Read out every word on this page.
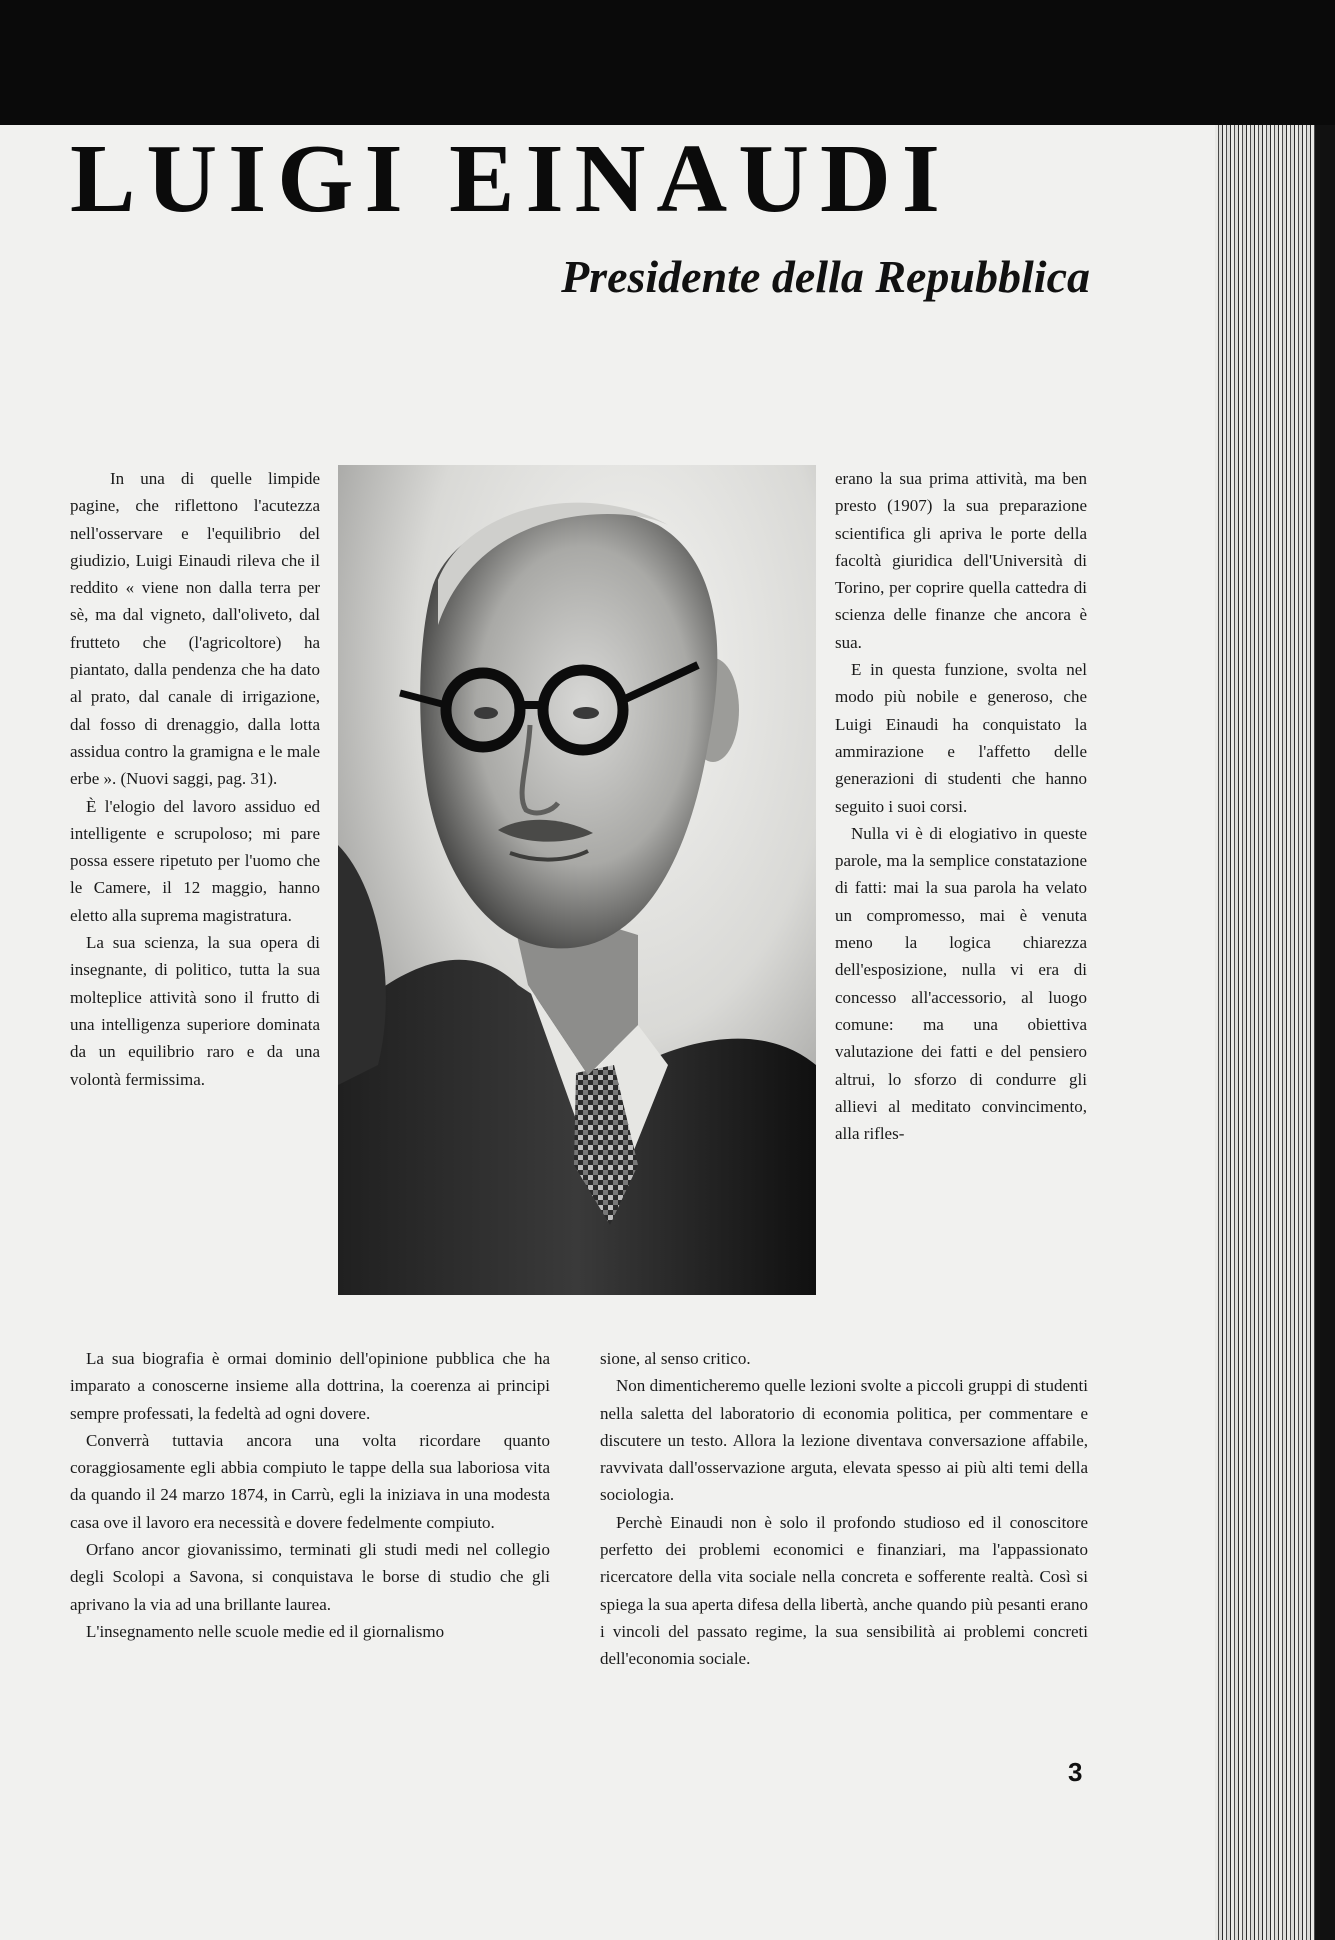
LUIGI EINAUDI
Presidente della Repubblica

In una di quelle limpide pagine, che riflettono l'acutezza nell'osservare e l'equilibrio del giudizio, Luigi Einaudi rileva che il reddito « viene non dalla terra per sè, ma dal vigneto, dall'oliveto, dal frutteto che (l'agricoltore) ha piantato, dalla pendenza che ha dato al prato, dal canale di irrigazione, dal fosso di drenaggio, dalla lotta assidua contro la gramigna e le male erbe ». (Nuovi saggi, pag. 31).

È l'elogio del lavoro assiduo ed intelligente e scrupoloso; mi pare possa essere ripetuto per l'uomo che le Camere, il 12 maggio, hanno eletto alla suprema magistratura.

La sua scienza, la sua opera di insegnante, di politico, tutta la sua molteplice attività sono il frutto di una intelligenza superiore dominata da un equilibrio raro e da una volontà fermissima.

erano la sua prima attività, ma ben presto (1907) la sua preparazione scientifica gli apriva le porte della facoltà giuridica dell'Università di Torino, per coprire quella cattedra di scienza delle finanze che ancora è sua.

E in questa funzione, svolta nel modo più nobile e generoso, che Luigi Einaudi ha conquistato la ammirazione e l'affetto delle generazioni di studenti che hanno seguito i suoi corsi.

Nulla vi è di elogiativo in queste parole, ma la semplice constatazione di fatti: mai la sua parola ha velato un compromesso, mai è venuta meno la logica chiarezza dell'esposizione, nulla vi era di concesso all'accessorio, al luogo comune: ma una obiettiva valutazione dei fatti e del pensiero altrui, lo sforzo di condurre gli allievi al meditato convincimento, alla rifles-

La sua biografia è ormai dominio dell'opinione pubblica che ha imparato a conoscerne insieme alla dottrina, la coerenza ai principi sempre professati, la fedeltà ad ogni dovere.

Converrà tuttavia ancora una volta ricordare quanto coraggiosamente egli abbia compiuto le tappe della sua laboriosa vita da quando il 24 marzo 1874, in Carrù, egli la iniziava in una modesta casa ove il lavoro era necessità e dovere fedelmente compiuto.

Orfano ancor giovanissimo, terminati gli studi medi nel collegio degli Scolopi a Savona, si conquistava le borse di studio che gli aprivano la via ad una brillante laurea.

L'insegnamento nelle scuole medie ed il giornalismo

sione, al senso critico.

Non dimenticheremo quelle lezioni svolte a piccoli gruppi di studenti nella saletta del laboratorio di economia politica, per commentare e discutere un testo. Allora la lezione diventava conversazione affabile, ravvivata dall'osservazione arguta, elevata spesso ai più alti temi della sociologia.

Perchè Einaudi non è solo il profondo studioso ed il conoscitore perfetto dei problemi economici e finanziari, ma l'appassionato ricercatore della vita sociale nella concreta e sofferente realtà. Così si spiega la sua aperta difesa della libertà, anche quando più pesanti erano i vincoli del passato regime, la sua sensibilità ai problemi concreti dell'economia sociale.

3
